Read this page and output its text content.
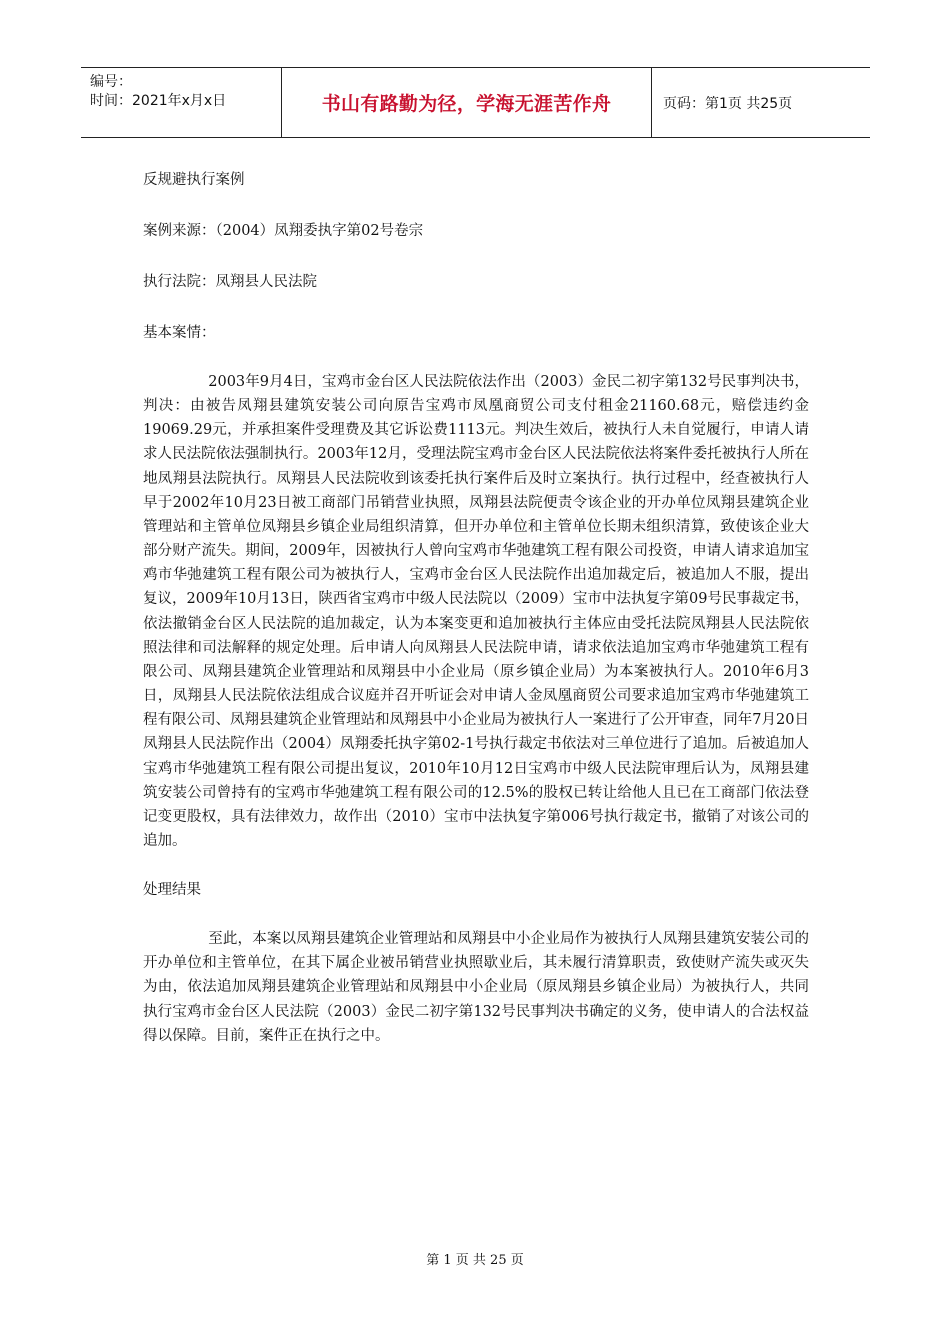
编号：
时间：2021年x月x日	书山有路勤为径，学海无涯苦作舟	页码：第1页 共25页
反规避执行案例
案例来源：（2004）凤翔委执字第02号卷宗
执行法院：凤翔县人民法院
基本案情：

2003年9月4日，宝鸡市金台区人民法院依法作出（2003）金民二初字第132号民事判决书，判决：由被告凤翔县建筑安装公司向原告宝鸡市凤凰商贸公司支付租金21160.68元，赔偿违约金19069.29元，并承担案件受理费及其它诉讼费1113元。判决生效后，被执行人未自觉履行，申请人请求人民法院依法强制执行。2003年12月，受理法院宝鸡市金台区人民法院依法将案件委托被执行人所在地凤翔县法院执行。凤翔县人民法院收到该委托执行案件后及时立案执行。执行过程中，经查被执行人早于2002年10月23日被工商部门吊销营业执照，凤翔县法院便责令该企业的开办单位凤翔县建筑企业管理站和主管单位凤翔县乡镇企业局组织清算，但开办单位和主管单位长期未组织清算，致使该企业大部分财产流失。期间，2009年，因被执行人曾向宝鸡市华弛建筑工程有限公司投资，申请人请求追加宝鸡市华弛建筑工程有限公司为被执行人，宝鸡市金台区人民法院作出追加裁定后，被追加人不服，提出复议，2009年10月13日，陕西省宝鸡市中级人民法院以（2009）宝市中法执复字第09号民事裁定书，依法撤销金台区人民法院的追加裁定，认为本案变更和追加被执行主体应由受托法院凤翔县人民法院依照法律和司法解释的规定处理。后申请人向凤翔县人民法院申请，请求依法追加宝鸡市华弛建筑工程有限公司、凤翔县建筑企业管理站和凤翔县中小企业局（原乡镇企业局）为本案被执行人。2010年6月3日，凤翔县人民法院依法组成合议庭并召开听证会对申请人金凤凰商贸公司要求追加宝鸡市华弛建筑工程有限公司、凤翔县建筑企业管理站和凤翔县中小企业局为被执行人一案进行了公开审查，同年7月20日凤翔县人民法院作出（2004）凤翔委托执字第02-1号执行裁定书依法对三单位进行了追加。后被追加人宝鸡市华弛建筑工程有限公司提出复议，2010年10月12日宝鸡市中级人民法院审理后认为，凤翔县建筑安装公司曾持有的宝鸡市华弛建筑工程有限公司的12.5%的股权已转让给他人且已在工商部门依法登记变更股权，具有法律效力，故作出（2010）宝市中法执复字第006号执行裁定书，撤销了对该公司的追加。

处理结果

至此，本案以凤翔县建筑企业管理站和凤翔县中小企业局作为被执行人凤翔县建筑安装公司的开办单位和主管单位，在其下属企业被吊销营业执照歇业后，其未履行清算职责，致使财产流失或灭失为由，依法追加凤翔县建筑企业管理站和凤翔县中小企业局（原凤翔县乡镇企业局）为被执行人，共同执行宝鸡市金台区人民法院（2003）金民二初字第132号民事判决书确定的义务，使申请人的合法权益得以保障。目前，案件正在执行之中。

第 1 页 共 25 页
